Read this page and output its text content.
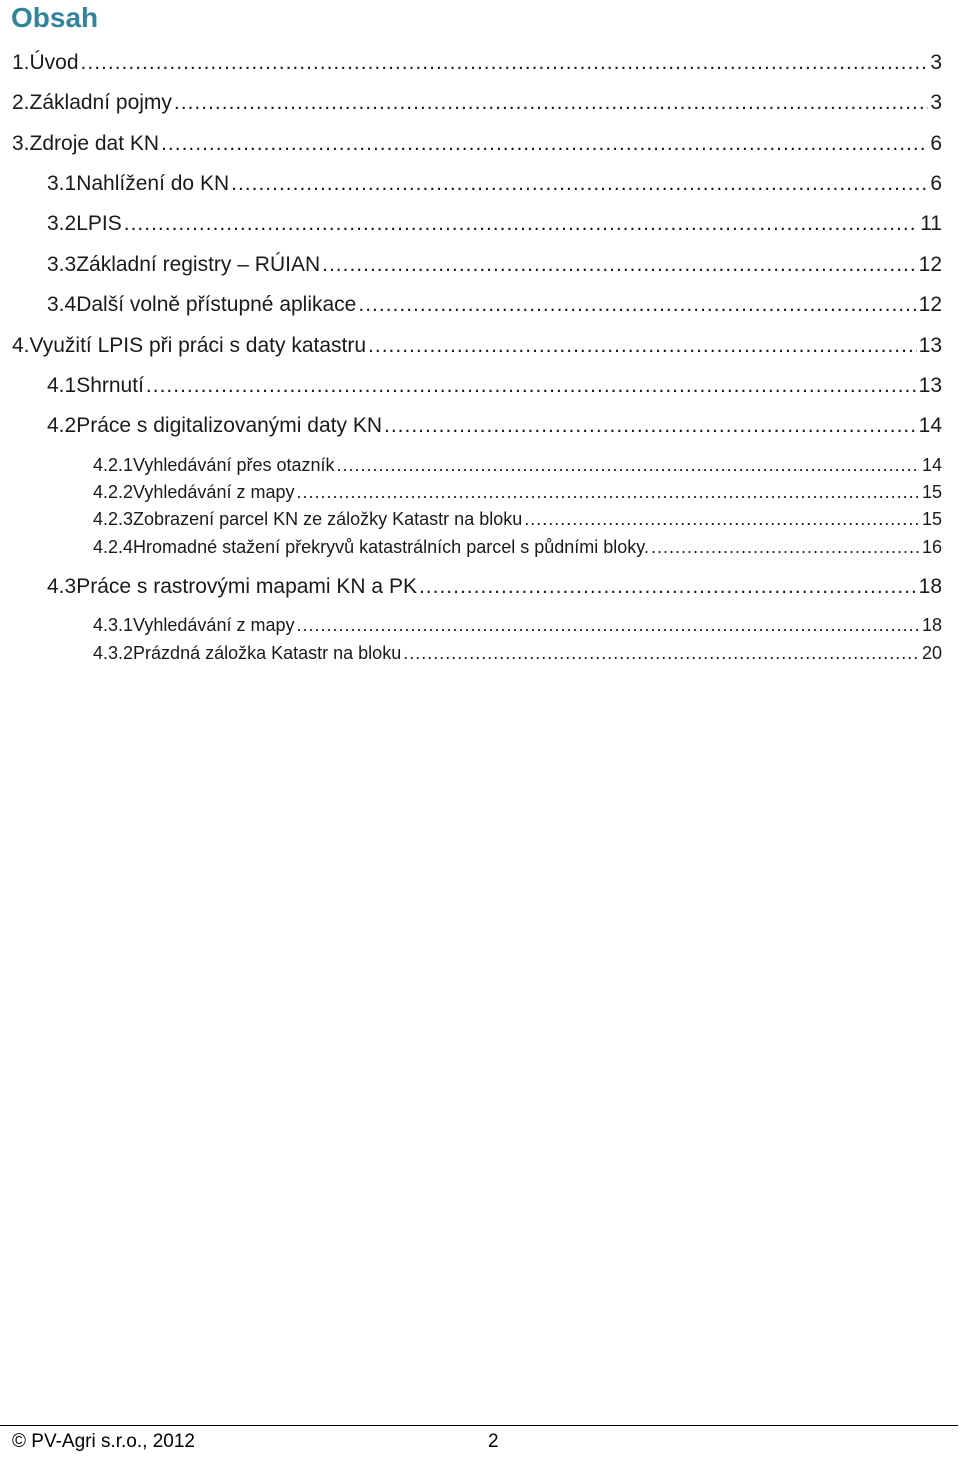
Obsah
1. Úvod .....	3
2. Základní pojmy .....	3
3. Zdroje dat KN .....	6
3.1 Nahlížení do KN .....	6
3.2 LPIS .....	11
3.3 Základní registry – RÚIAN .....	12
3.4 Další volně přístupné aplikace .....	12
4. Využití LPIS při práci s daty katastru .....	13
4.1 Shrnutí .....	13
4.2 Práce s digitalizovanými daty KN .....	14
4.2.1 Vyhledávání přes otazník .....	14
4.2.2 Vyhledávání z mapy .....	15
4.2.3 Zobrazení parcel KN ze záložky Katastr na bloku .....	15
4.2.4 Hromadné stažení překryvů katastrálních parcel s půdními bloky. .....	16
4.3 Práce s rastrovými mapami KN a PK .....	18
4.3.1 Vyhledávání z mapy .....	18
4.3.2 Prázdná záložka Katastr na bloku .....	20
© PV-Agri s.r.o., 2012	2
